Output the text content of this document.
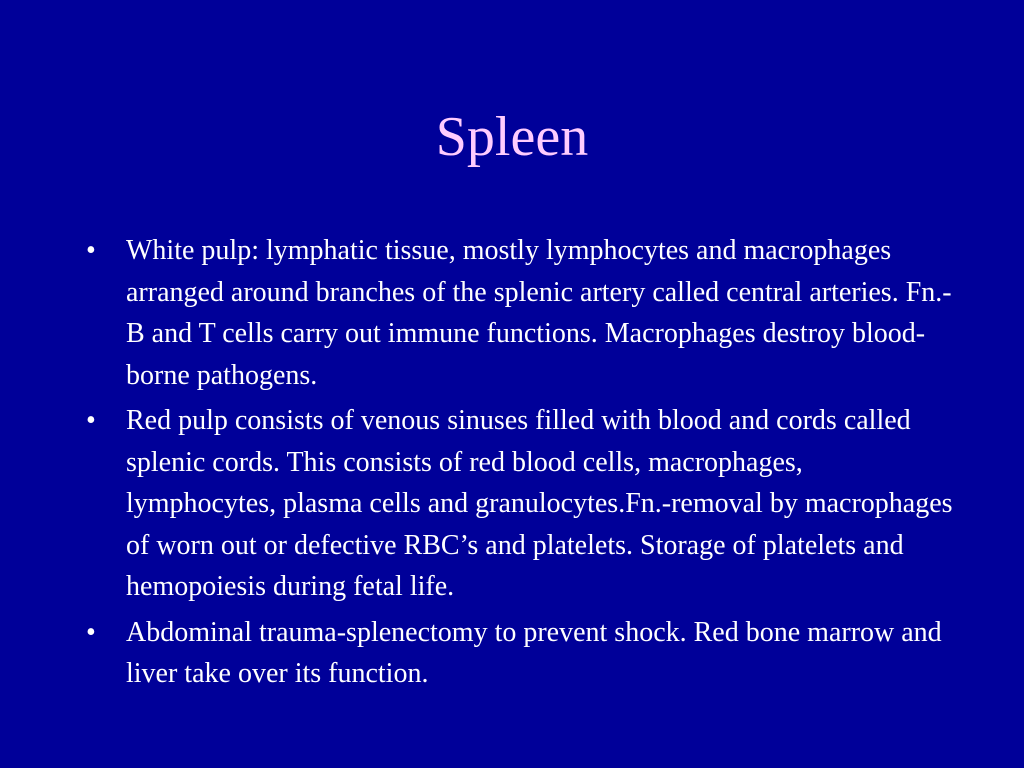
Spleen
•	White pulp: lymphatic tissue, mostly lymphocytes and macrophages arranged around branches of the splenic artery called central arteries. Fn.-B and T cells carry out immune functions. Macrophages destroy blood-borne pathogens.
•	Red pulp consists of venous sinuses filled with blood and cords called splenic cords. This consists of red blood cells, macrophages, lymphocytes, plasma cells and granulocytes.Fn.-removal by macrophages of worn out or defective RBC’s and platelets. Storage of platelets and hemopoiesis during fetal life.
•	Abdominal trauma-splenectomy to prevent shock. Red bone marrow and liver take over its function.
